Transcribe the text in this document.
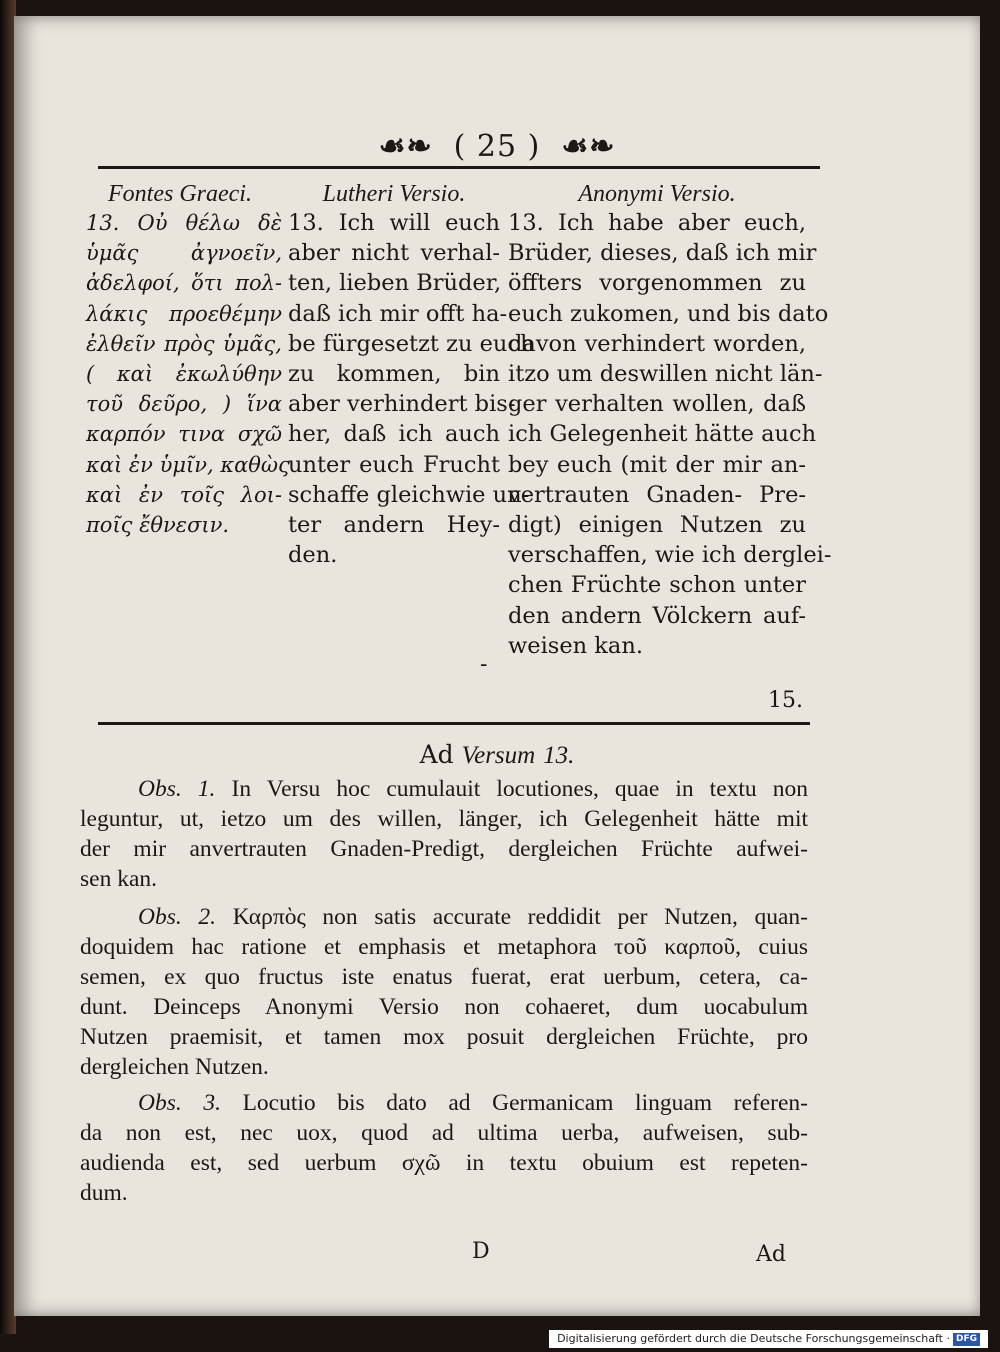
☙❧ ( 25 ) ☙❧
Fontes Graeci.
13. Οὐ θέλω δὲ
ὑμᾶς ἀγνοεῖν,
ἀδελφοί, ὅτι πολ-
λάκις προεθέμην
ἐλθεῖν πρὸς ὑμᾶς,
( καὶ ἐκωλύθην
τοῦ δεῦρο, ) ἵνα
καρπόν τινα σχῶ
καὶ ἐν ὑμῖν, καθὼς
καὶ ἐν τοῖς λοι-
ποῖς ἔθνεσιν.
Lutheri Versio.
13. Ich will euch
aber nicht verhal-
ten, lieben Brüder,
daß ich mir offt ha-
be fürgesetzt zu euch
zu kommen, bin
aber verhindert bis-
her, daß ich auch
unter euch Frucht
schaffe gleichwie un-
ter andern Hey-
den.
Anonymi Versio.
13. Ich habe aber euch,
Brüder, dieses, daß ich mir
öffters vorgenommen zu
euch zukomen, und bis dato
davon verhindert worden,
itzo um deswillen nicht län-
ger verhalten wollen, daß
ich Gelegenheit hätte auch
bey euch (mit der mir an-
vertrauten Gnaden- Pre-
digt) einigen Nutzen zu
verschaffen, wie ich derglei-
chen Früchte schon unter
den andern Völckern auf-
weisen kan.
-
15.
Ad Versum 13.
Obs. 1. In Versu hoc cumulauit locutiones, quae in textu non
leguntur, ut, ietzo um des willen, länger, ich Gelegenheit hätte mit
der mir anvertrauten Gnaden-Predigt, dergleichen Früchte aufwei-
sen kan.
Obs. 2. Καρπὸς non satis accurate reddidit per Nutzen, quan-
doquidem hac ratione et emphasis et metaphora τοῦ καρποῦ, cuius
semen, ex quo fructus iste enatus fuerat, erat uerbum, cetera, ca-
dunt. Deinceps Anonymi Versio non cohaeret, dum uocabulum
Nutzen praemisit, et tamen mox posuit dergleichen Früchte, pro
dergleichen Nutzen.
Obs. 3. Locutio bis dato ad Germanicam linguam referen-
da non est, nec uox, quod ad ultima uerba, aufweisen, sub-
audienda est, sed uerbum σχῶ in textu obuium est repeten-
dum.
D	Ad
Digitalisierung gefördert durch die Deutsche Forschungsgemeinschaft · DFG
